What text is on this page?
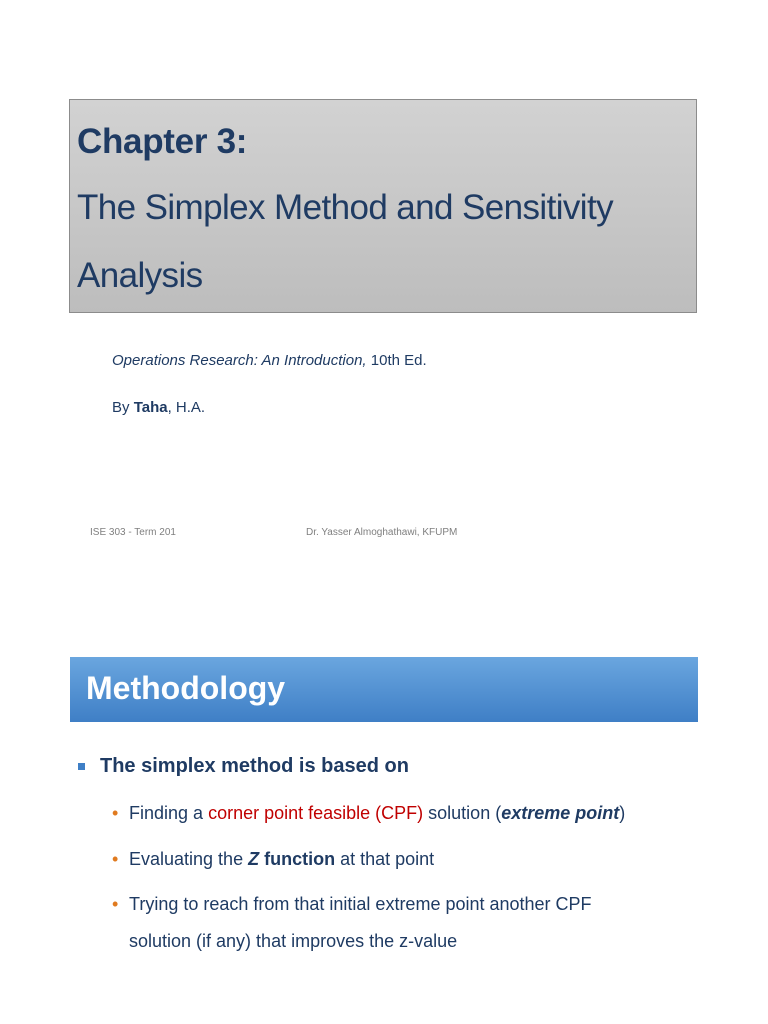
Chapter 3:
The Simplex Method and Sensitivity
Analysis
Operations Research: An Introduction, 10th Ed.
By Taha, H.A.
ISE 303 - Term 201	Dr. Yasser Almoghathawi, KFUPM
Methodology
The simplex method is based on
• Finding a corner point feasible (CPF) solution (extreme point)
• Evaluating the Z function at that point
• Trying to reach from that initial extreme point another CPF
solution (if any) that improves the z-value
